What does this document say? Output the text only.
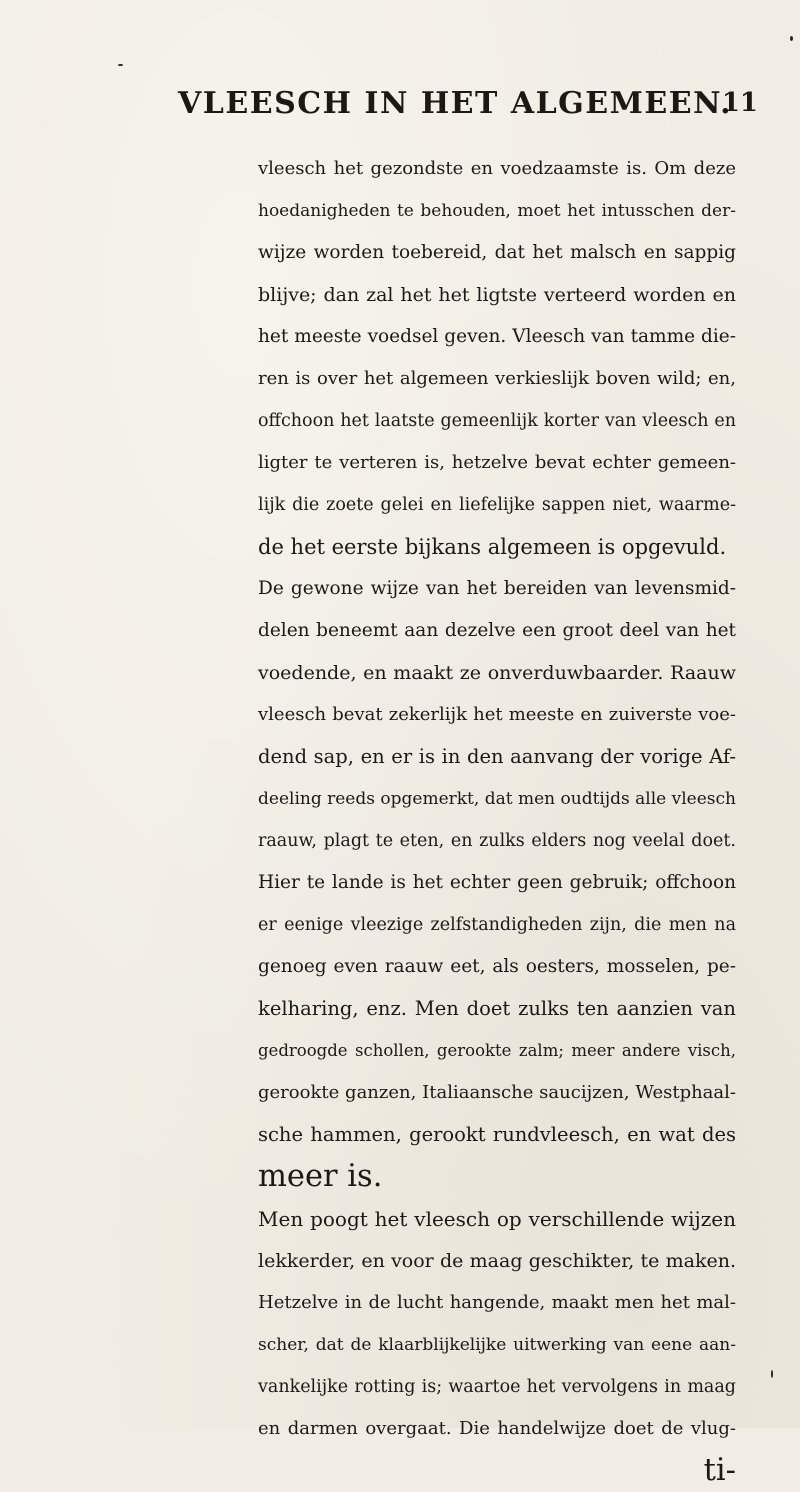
VLEESCH IN HET ALGEMEEN.
11
vleesch het gezondste en voedzaamste is. Om deze
hoedanigheden te behouden, moet het intusschen der-
wijze worden toebereid, dat het malsch en sappig
blijve; dan zal het het ligtste verteerd worden en
het meeste voedsel geven. Vleesch van tamme die-
ren is over het algemeen verkieslijk boven wild; en,
offchoon het laatste gemeenlijk korter van vleesch en
ligter te verteren is, hetzelve bevat echter gemeen-
lijk die zoete gelei en liefelijke sappen niet, waarme-
de het eerste bijkans algemeen is opgevuld.
De gewone wijze van het bereiden van levensmid-
delen beneemt aan dezelve een groot deel van het
voedende, en maakt ze onverduwbaarder. Raauw
vleesch bevat zekerlijk het meeste en zuiverste voe-
dend sap, en er is in den aanvang der vorige Af-
deeling reeds opgemerkt, dat men oudtijds alle vleesch
raauw, plagt te eten, en zulks elders nog veelal doet.
Hier te lande is het echter geen gebruik; offchoon
er eenige vleezige zelfstandigheden zijn, die men na
genoeg even raauw eet, als oesters, mosselen, pe-
kelharing, enz. Men doet zulks ten aanzien van
gedroogde schollen, gerookte zalm; meer andere visch,
gerookte ganzen, Italiaansche saucijzen, Westphaal-
sche hammen, gerookt rundvleesch, en wat des
meer is.
Men poogt het vleesch op verschillende wijzen
lekkerder, en voor de maag geschikter, te maken.
Hetzelve in de lucht hangende, maakt men het mal-
scher, dat de klaarblijkelijke uitwerking van eene aan-
vankelijke rotting is; waartoe het vervolgens in maag
en darmen overgaat. Die handelwijze doet de vlug-
ti-
